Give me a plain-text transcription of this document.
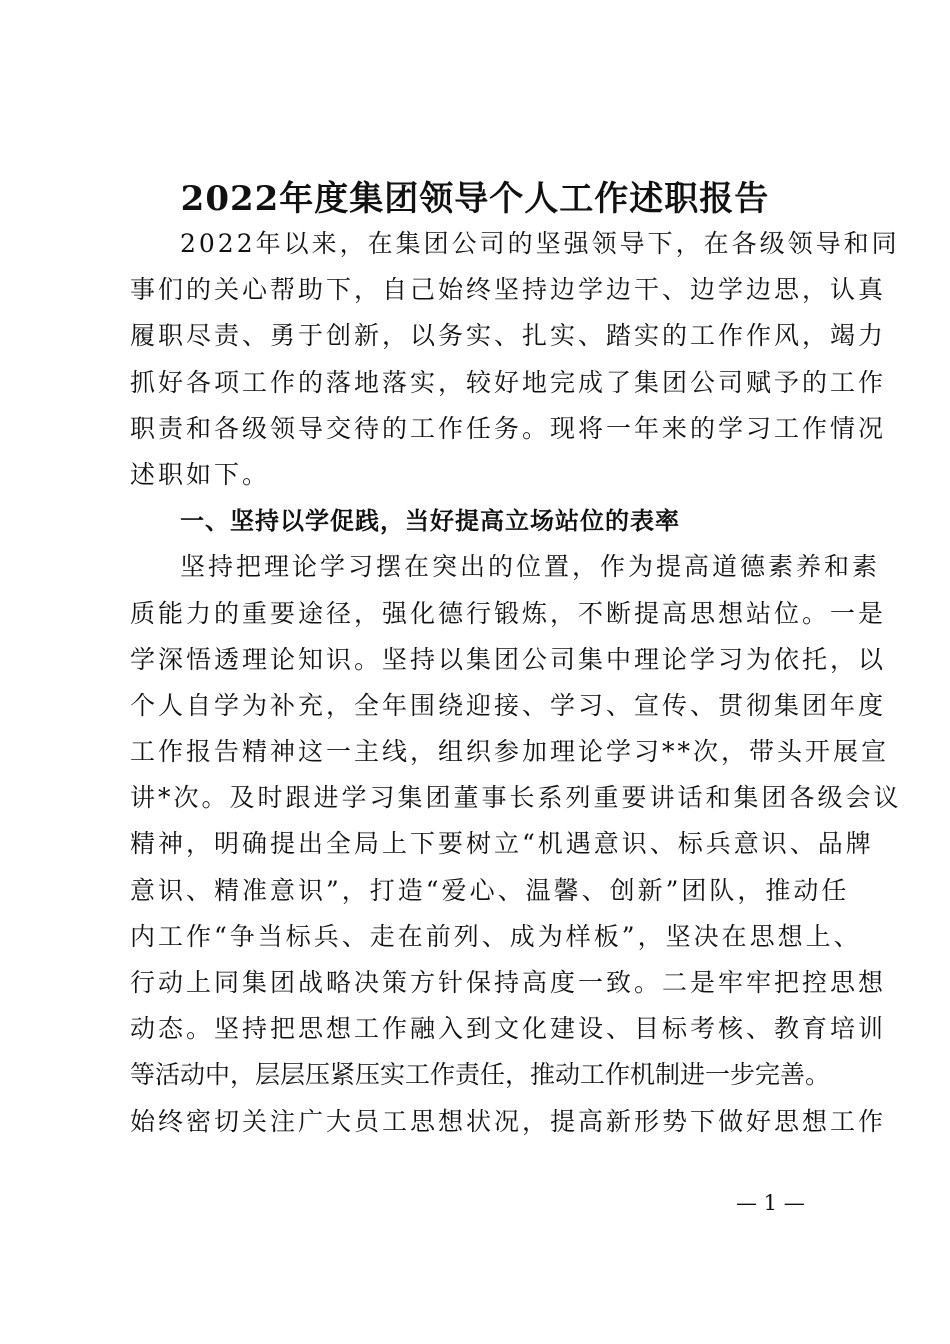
2022年度集团领导个人工作述职报告
2022年以来，在集团公司的坚强领导下，在各级领导和同
事们的关心帮助下，自己始终坚持边学边干、边学边思，认真
履职尽责、勇于创新，以务实、扎实、踏实的工作作风，竭力
抓好各项工作的落地落实，较好地完成了集团公司赋予的工作
职责和各级领导交待的工作任务。现将一年来的学习工作情况
述职如下。
一、坚持以学促践，当好提高立场站位的表率
坚持把理论学习摆在突出的位置，作为提高道德素养和素
质能力的重要途径，强化德行锻炼，不断提高思想站位。一是
学深悟透理论知识。坚持以集团公司集中理论学习为依托，以
个人自学为补充，全年围绕迎接、学习、宣传、贯彻集团年度
工作报告精神这一主线，组织参加理论学习**次，带头开展宣
讲*次。及时跟进学习集团董事长系列重要讲话和集团各级会议
精神，明确提出全局上下要树立“机遇意识、标兵意识、品牌
意识、精准意识”，打造“爱心、温馨、创新”团队，推动任
内工作“争当标兵、走在前列、成为样板”，坚决在思想上、
行动上同集团战略决策方针保持高度一致。二是牢牢把控思想
动态。坚持把思想工作融入到文化建设、目标考核、教育培训
等活动中，层层压紧压实工作责任，推动工作机制进一步完善。
始终密切关注广大员工思想状况，提高新形势下做好思想工作
— 1 —
